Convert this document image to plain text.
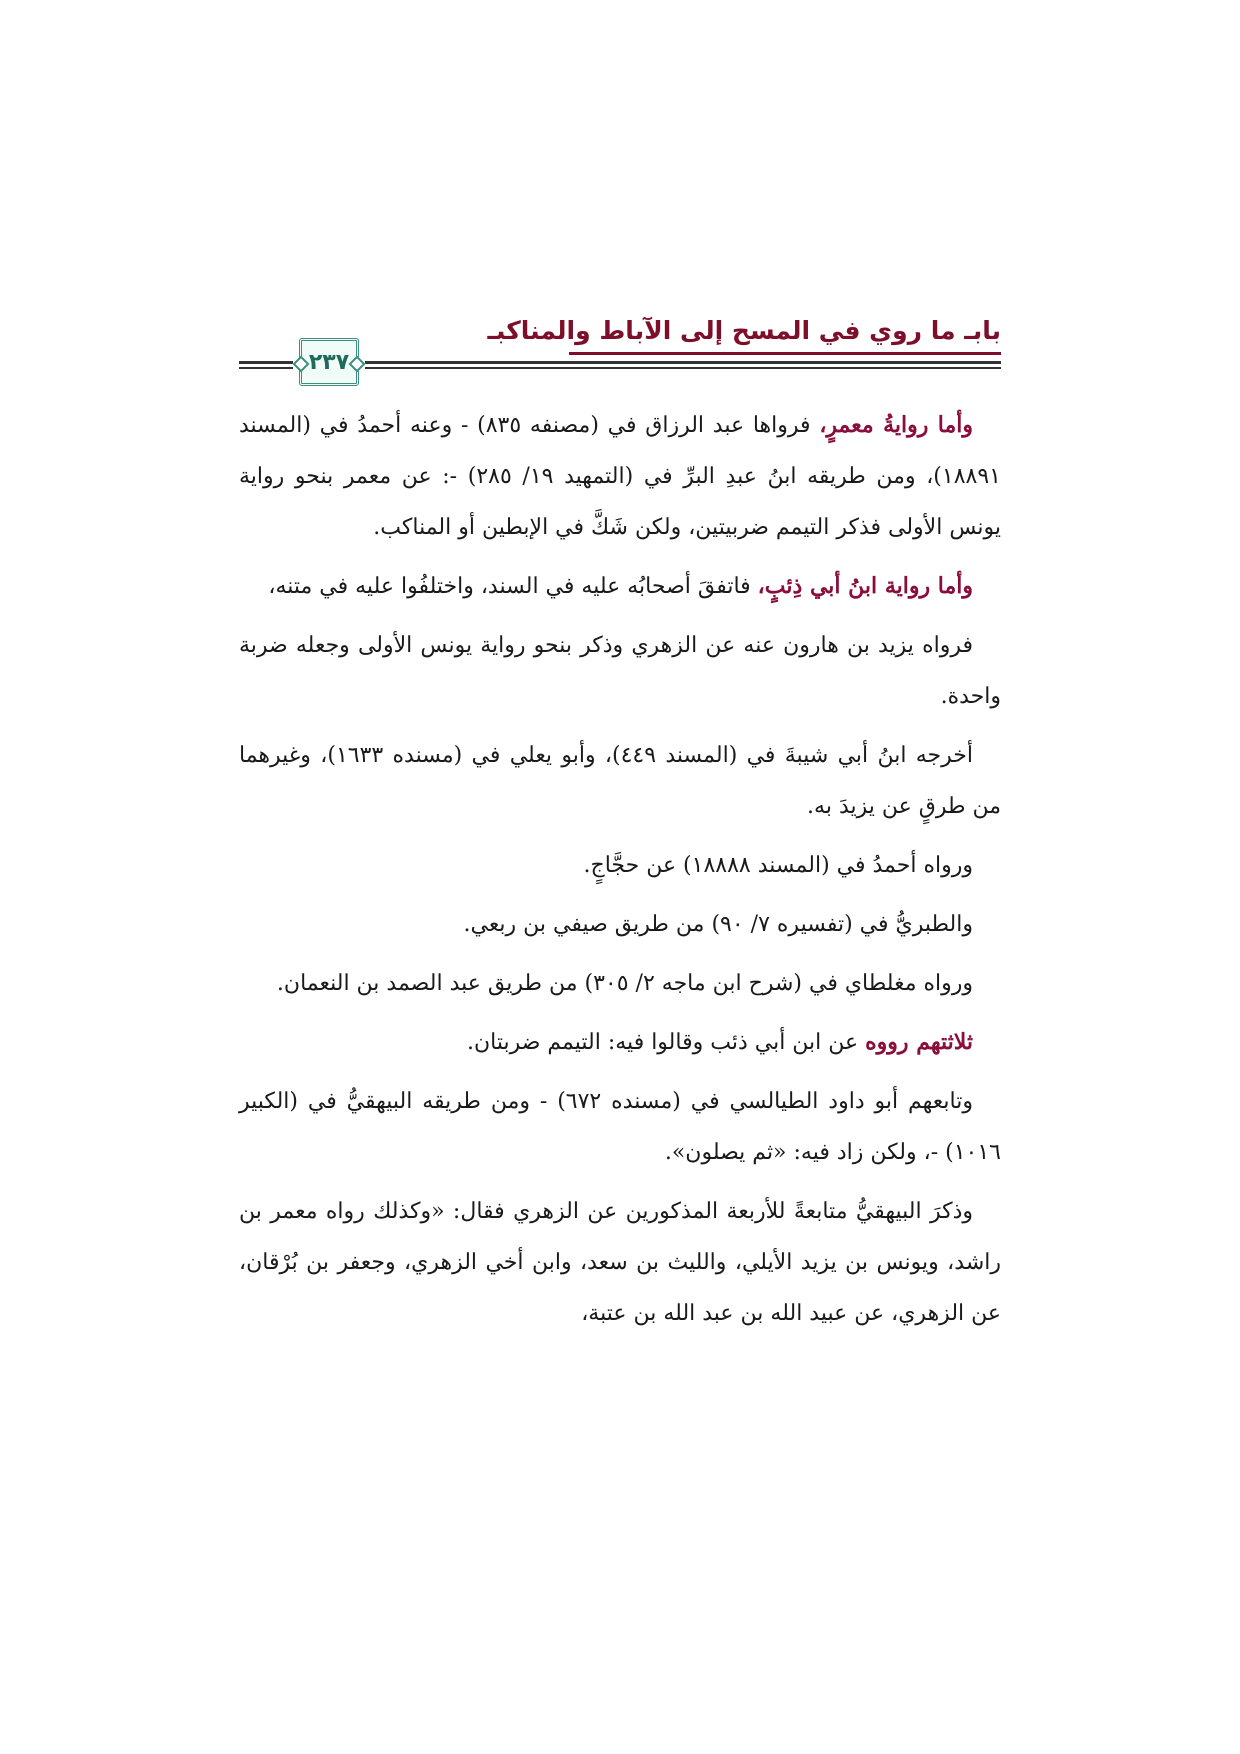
بابـ ما روي في المسح إلى الآباط والمناكبـ
٢٣٧

وأما روايةُ معمرٍ، فرواها عبد الرزاق في (مصنفه ٨٣٥) - وعنه أحمدُ في (المسند ١٨٨٩١)، ومن طريقه ابنُ عبدِ البرِّ في (التمهيد ١٩/ ٢٨٥) -: عن معمر بنحو رواية يونس الأولى فذكر التيمم ضربيتين، ولكن شَكَّ في الإبطين أو المناكب.

وأما رواية ابنُ أبي ذِئبٍ، فاتفقَ أصحابُه عليه في السند، واختلفُوا عليه في متنه،

فرواه يزيد بن هارون عنه عن الزهري وذكر بنحو رواية يونس الأولى وجعله ضربة واحدة.

أخرجه ابنُ أبي شيبةَ في (المسند ٤٤٩)، وأبو يعلي في (مسنده ١٦٣٣)، وغيرهما من طرقٍ عن يزيدَ به.

ورواه أحمدُ في (المسند ١٨٨٨٨) عن حجَّاجٍ.

والطبريُّ في (تفسيره ٧/ ٩٠) من طريق صيفي بن ربعي.

ورواه مغلطاي في (شرح ابن ماجه ٢/ ٣٠٥) من طريق عبد الصمد بن النعمان.

ثلاثتهم رووه عن ابن أبي ذئب وقالوا فيه: التيمم ضربتان.

وتابعهم أبو داود الطيالسي في (مسنده ٦٧٢) - ومن طريقه البيهقيُّ في (الكبير ١٠١٦) -، ولكن زاد فيه: «ثم يصلون».

وذكرَ البيهقيُّ متابعةً للأربعة المذكورين عن الزهري فقال: «وكذلك رواه معمر بن راشد، ويونس بن يزيد الأيلي، والليث بن سعد، وابن أخي الزهري، وجعفر بن بُرْقان، عن الزهري، عن عبيد الله بن عبد الله بن عتبة،
